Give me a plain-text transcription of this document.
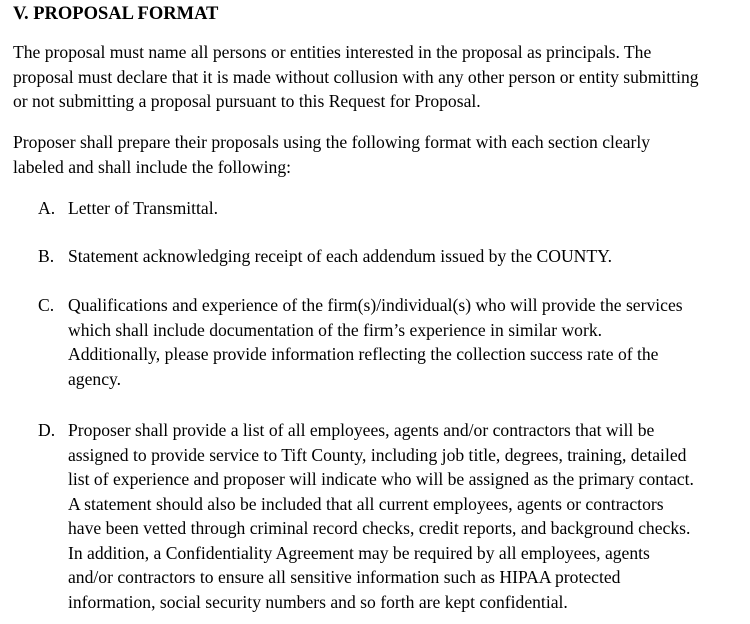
V. PROPOSAL FORMAT
The proposal must name all persons or entities interested in the proposal as principals. The
proposal must declare that it is made without collusion with any other person or entity submitting
or not submitting a proposal pursuant to this Request for Proposal.
Proposer shall prepare their proposals using the following format with each section clearly
labeled and shall include the following:
A. Letter of Transmittal.
B. Statement acknowledging receipt of each addendum issued by the COUNTY.
C. Qualifications and experience of the firm(s)/individual(s) who will provide the services
which shall include documentation of the firm’s experience in similar work.
Additionally, please provide information reflecting the collection success rate of the
agency.
D. Proposer shall provide a list of all employees, agents and/or contractors that will be
assigned to provide service to Tift County, including job title, degrees, training, detailed
list of experience and proposer will indicate who will be assigned as the primary contact.
A statement should also be included that all current employees, agents or contractors
have been vetted through criminal record checks, credit reports, and background checks.
In addition, a Confidentiality Agreement may be required by all employees, agents
and/or contractors to ensure all sensitive information such as HIPAA protected
information, social security numbers and so forth are kept confidential.
